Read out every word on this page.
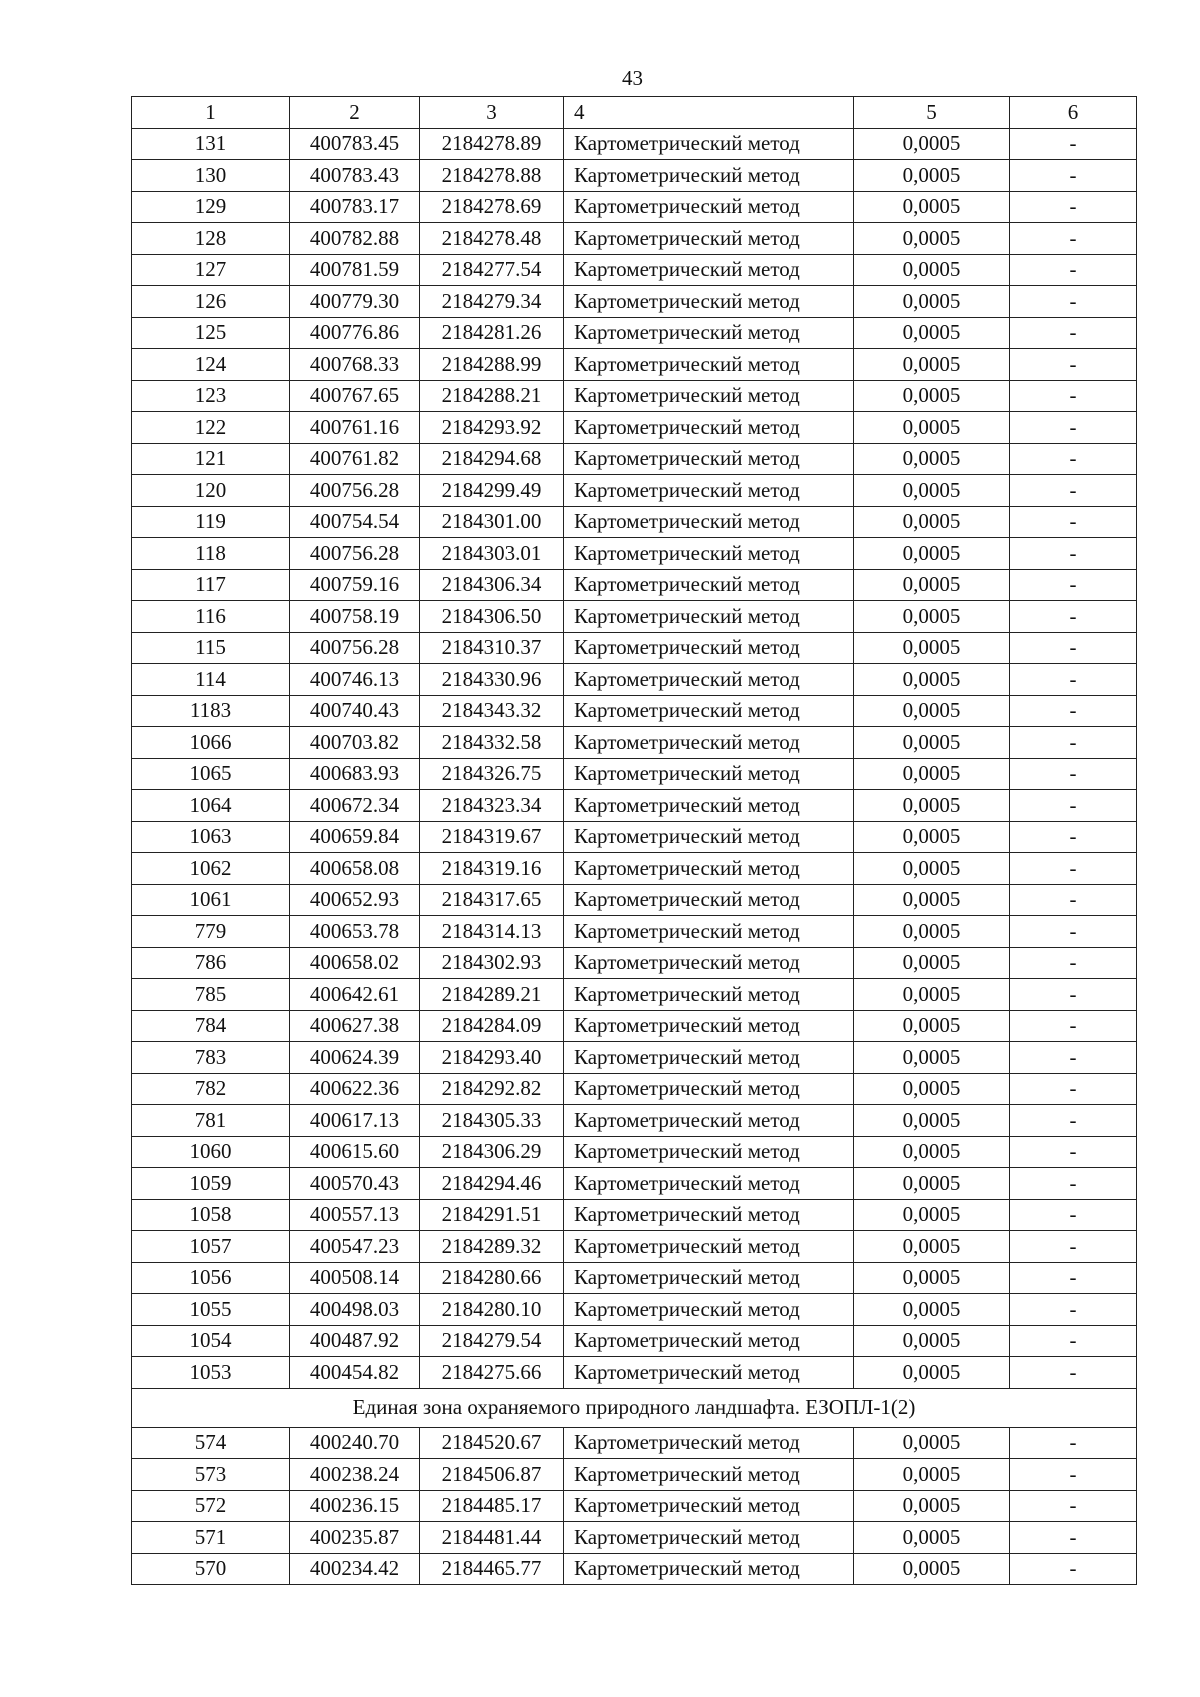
43
1	2	3	4	5	6
131	400783.45	2184278.89	Картометрический метод	0,0005	-
130	400783.43	2184278.88	Картометрический метод	0,0005	-
129	400783.17	2184278.69	Картометрический метод	0,0005	-
128	400782.88	2184278.48	Картометрический метод	0,0005	-
127	400781.59	2184277.54	Картометрический метод	0,0005	-
126	400779.30	2184279.34	Картометрический метод	0,0005	-
125	400776.86	2184281.26	Картометрический метод	0,0005	-
124	400768.33	2184288.99	Картометрический метод	0,0005	-
123	400767.65	2184288.21	Картометрический метод	0,0005	-
122	400761.16	2184293.92	Картометрический метод	0,0005	-
121	400761.82	2184294.68	Картометрический метод	0,0005	-
120	400756.28	2184299.49	Картометрический метод	0,0005	-
119	400754.54	2184301.00	Картометрический метод	0,0005	-
118	400756.28	2184303.01	Картометрический метод	0,0005	-
117	400759.16	2184306.34	Картометрический метод	0,0005	-
116	400758.19	2184306.50	Картометрический метод	0,0005	-
115	400756.28	2184310.37	Картометрический метод	0,0005	-
114	400746.13	2184330.96	Картометрический метод	0,0005	-
1183	400740.43	2184343.32	Картометрический метод	0,0005	-
1066	400703.82	2184332.58	Картометрический метод	0,0005	-
1065	400683.93	2184326.75	Картометрический метод	0,0005	-
1064	400672.34	2184323.34	Картометрический метод	0,0005	-
1063	400659.84	2184319.67	Картометрический метод	0,0005	-
1062	400658.08	2184319.16	Картометрический метод	0,0005	-
1061	400652.93	2184317.65	Картометрический метод	0,0005	-
779	400653.78	2184314.13	Картометрический метод	0,0005	-
786	400658.02	2184302.93	Картометрический метод	0,0005	-
785	400642.61	2184289.21	Картометрический метод	0,0005	-
784	400627.38	2184284.09	Картометрический метод	0,0005	-
783	400624.39	2184293.40	Картометрический метод	0,0005	-
782	400622.36	2184292.82	Картометрический метод	0,0005	-
781	400617.13	2184305.33	Картометрический метод	0,0005	-
1060	400615.60	2184306.29	Картометрический метод	0,0005	-
1059	400570.43	2184294.46	Картометрический метод	0,0005	-
1058	400557.13	2184291.51	Картометрический метод	0,0005	-
1057	400547.23	2184289.32	Картометрический метод	0,0005	-
1056	400508.14	2184280.66	Картометрический метод	0,0005	-
1055	400498.03	2184280.10	Картометрический метод	0,0005	-
1054	400487.92	2184279.54	Картометрический метод	0,0005	-
1053	400454.82	2184275.66	Картометрический метод	0,0005	-
Единая зона охраняемого природного ландшафта. ЕЗОПЛ-1(2)					
574	400240.70	2184520.67	Картометрический метод	0,0005	-
573	400238.24	2184506.87	Картометрический метод	0,0005	-
572	400236.15	2184485.17	Картометрический метод	0,0005	-
571	400235.87	2184481.44	Картометрический метод	0,0005	-
570	400234.42	2184465.77	Картометрический метод	0,0005	-
